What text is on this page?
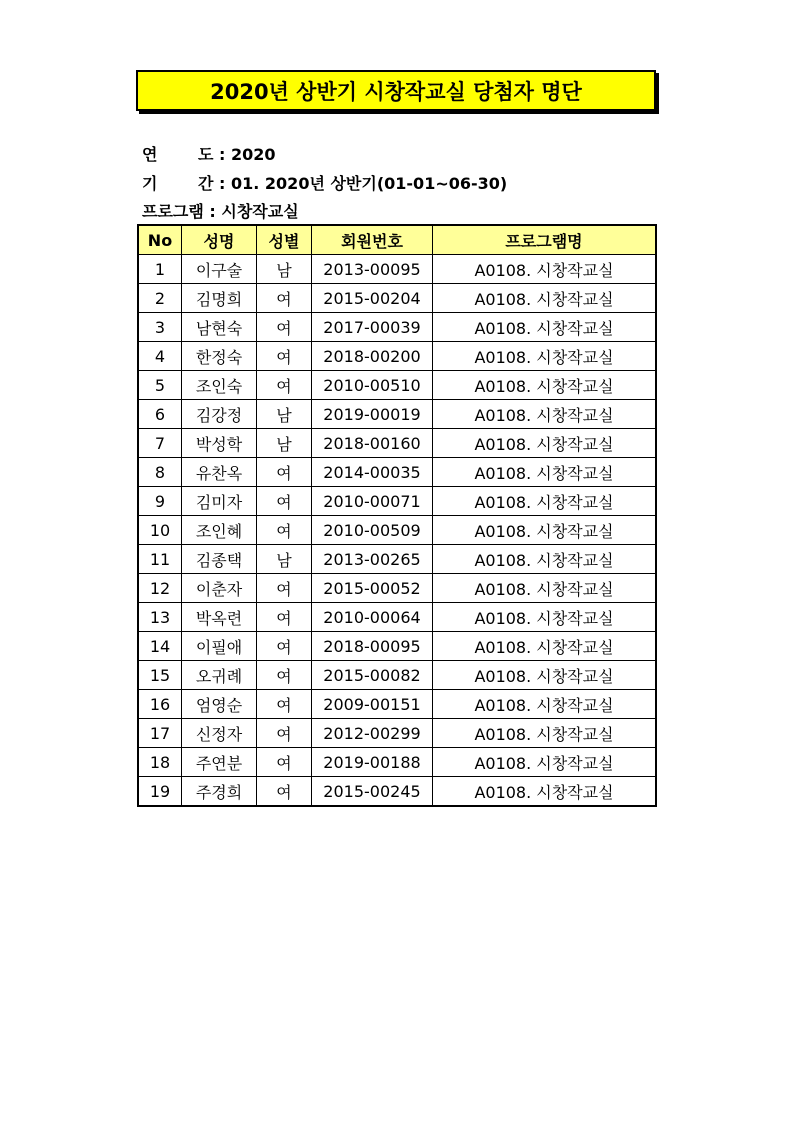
2020년 상반기 시창작교실 당첨자 명단
연	도 : 2020
기	간 : 01. 2020년 상반기(01-01~06-30)
프로그램 : 시창작교실
No	성명	성별	회원번호	프로그램명
1	이구술	남	2013-00095	A0108. 시창작교실
2	김명희	여	2015-00204	A0108. 시창작교실
3	남현숙	여	2017-00039	A0108. 시창작교실
4	한정숙	여	2018-00200	A0108. 시창작교실
5	조인숙	여	2010-00510	A0108. 시창작교실
6	김강정	남	2019-00019	A0108. 시창작교실
7	박성학	남	2018-00160	A0108. 시창작교실
8	유찬옥	여	2014-00035	A0108. 시창작교실
9	김미자	여	2010-00071	A0108. 시창작교실
10	조인혜	여	2010-00509	A0108. 시창작교실
11	김종택	남	2013-00265	A0108. 시창작교실
12	이춘자	여	2015-00052	A0108. 시창작교실
13	박옥련	여	2010-00064	A0108. 시창작교실
14	이필애	여	2018-00095	A0108. 시창작교실
15	오귀례	여	2015-00082	A0108. 시창작교실
16	엄영순	여	2009-00151	A0108. 시창작교실
17	신정자	여	2012-00299	A0108. 시창작교실
18	주연분	여	2019-00188	A0108. 시창작교실
19	주경희	여	2015-00245	A0108. 시창작교실
